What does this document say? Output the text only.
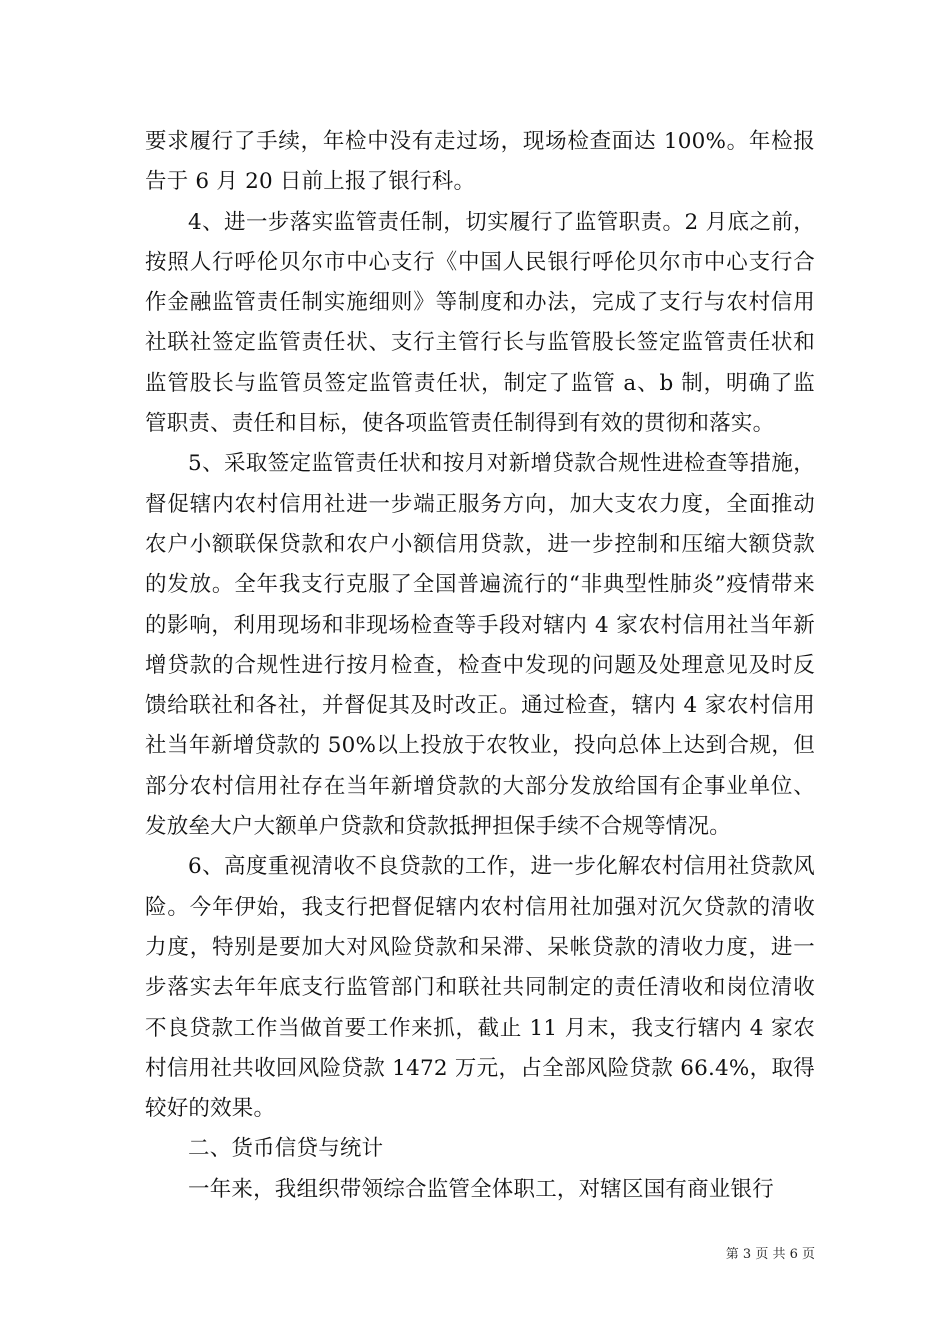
要求履行了手续，年检中没有走过场，现场检查面达 100%。年检报告于 6 月 20 日前上报了银行科。

4、进一步落实监管责任制，切实履行了监管职责。2 月底之前，按照人行呼伦贝尔市中心支行《中国人民银行呼伦贝尔市中心支行合作金融监管责任制实施细则》等制度和办法，完成了支行与农村信用社联社签定监管责任状、支行主管行长与监管股长签定监管责任状和监管股长与监管员签定监管责任状，制定了监管 a、b 制，明确了监管职责、责任和目标，使各项监管责任制得到有效的贯彻和落实。

5、采取签定监管责任状和按月对新增贷款合规性进检查等措施，督促辖内农村信用社进一步端正服务方向，加大支农力度，全面推动农户小额联保贷款和农户小额信用贷款，进一步控制和压缩大额贷款的发放。全年我支行克服了全国普遍流行的“非典型性肺炎”疫情带来的影响，利用现场和非现场检查等手段对辖内 4 家农村信用社当年新增贷款的合规性进行按月检查，检查中发现的问题及处理意见及时反馈给联社和各社，并督促其及时改正。通过检查，辖内 4 家农村信用社当年新增贷款的 50%以上投放于农牧业，投向总体上达到合规，但部分农村信用社存在当年新增贷款的大部分发放给国有企事业单位、发放垒大户大额单户贷款和贷款抵押担保手续不合规等情况。

6、高度重视清收不良贷款的工作，进一步化解农村信用社贷款风险。今年伊始，我支行把督促辖内农村信用社加强对沉欠贷款的清收力度，特别是要加大对风险贷款和呆滞、呆帐贷款的清收力度，进一步落实去年年底支行监管部门和联社共同制定的责任清收和岗位清收不良贷款工作当做首要工作来抓，截止 11 月末，我支行辖内 4 家农村信用社共收回风险贷款 1472 万元，占全部风险贷款 66.4%，取得较好的效果。

二、货币信贷与统计

一年来，我组织带领综合监管全体职工，对辖区国有商业银行

第 3 页 共 6 页
